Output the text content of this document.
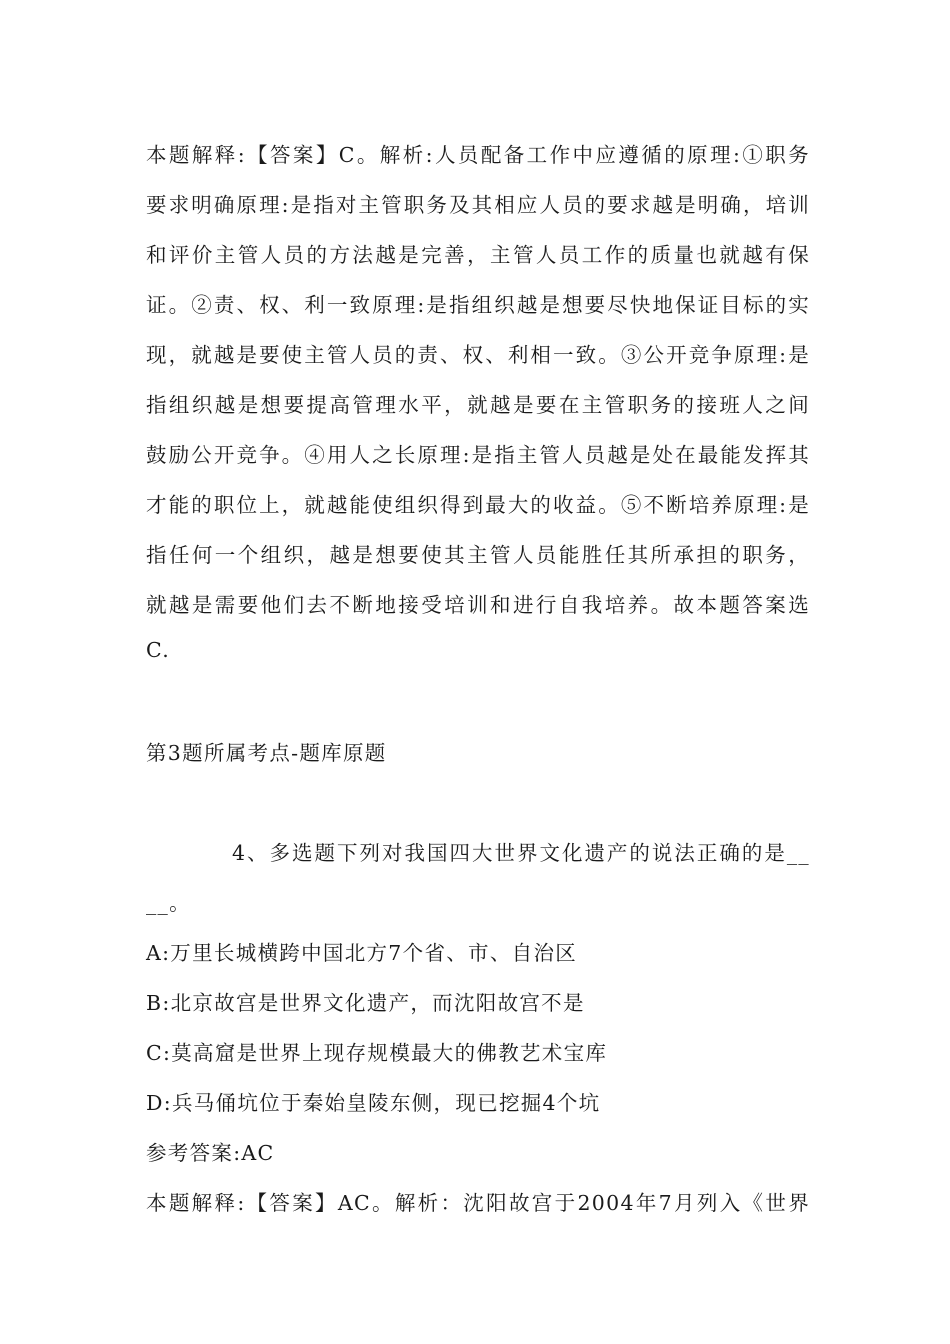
本题解释:【答案】C。解析:人员配备工作中应遵循的原理:①职务
要求明确原理:是指对主管职务及其相应人员的要求越是明确，培训
和评价主管人员的方法越是完善，主管人员工作的质量也就越有保
证。②责、权、利一致原理:是指组织越是想要尽快地保证目标的实
现，就越是要使主管人员的责、权、利相一致。③公开竞争原理:是
指组织越是想要提高管理水平，就越是要在主管职务的接班人之间
鼓励公开竞争。④用人之长原理:是指主管人员越是处在最能发挥其
才能的职位上，就越能使组织得到最大的收益。⑤不断培养原理:是
指任何一个组织，越是想要使其主管人员能胜任其所承担的职务，
就越是需要他们去不断地接受培训和进行自我培养。故本题答案选
C.
第3题所属考点-题库原题
4、多选题下列对我国四大世界文化遗产的说法正确的是__
__。
A:万里长城横跨中国北方7个省、市、自治区
B:北京故宫是世界文化遗产，而沈阳故宫不是
C:莫高窟是世界上现存规模最大的佛教艺术宝库
D:兵马俑坑位于秦始皇陵东侧，现已挖掘4个坑
参考答案:AC
本题解释:【答案】AC。解析：沈阳故宫于2004年7月列入《世界
